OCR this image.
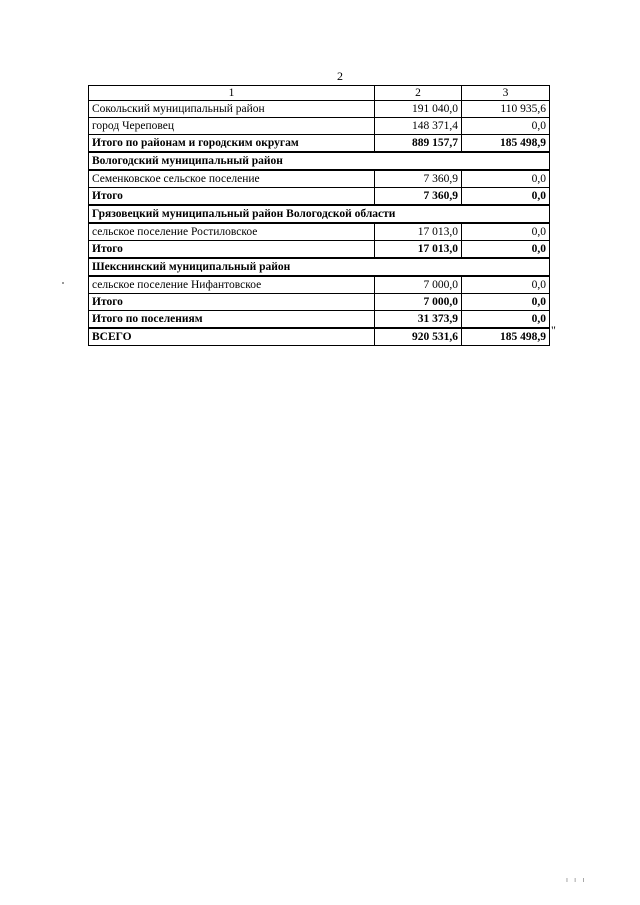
2
1	2	3
Сокольский муниципальный район	191 040,0	110 935,6
город Череповец	148 371,4	0,0
Итого по районам и городским округам	889 157,7	185 498,9
Вологодский муниципальный район		
Семенковское сельское поселение	7 360,9	0,0
Итого	7 360,9	0,0
Грязовецкий муниципальный район Вологодской области		
сельское поселение Ростиловское	17 013,0	0,0
Итого	17 013,0	0,0
Шекснинский муниципальный район		
сельское поселение Нифантовское	7 000,0	0,0
Итого	7 000,0	0,0
Итого по поселениям	31 373,9	0,0
ВСЕГО	920 531,6	185 498,9 "
ı ı ı
